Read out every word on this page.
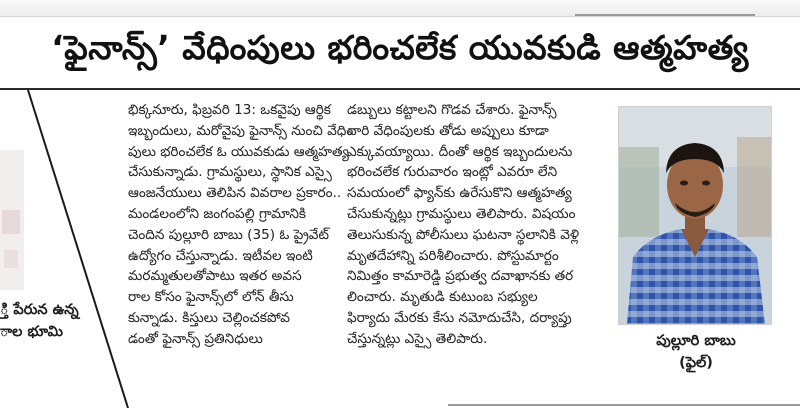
‘ఫైనాన్స్‌’ వేధింపులు భరించలేక యువకుడి ఆత్మహత్య
్తి పేరున ఉన్న
ాల భూమి
భిక్కనూరు, ఫిబ్రవరి 13: ఒకవైపు ఆర్థిక
ఇబ్బందులు, మరోవైపు ఫైనాన్స్‌ నుంచి వేధిం
పులు భరించలేక ఓ యువకుడు ఆత్మహత్య
చేసుకున్నాడు. గ్రామస్థులు, స్థానిక ఎస్సై
ఆంజనేయులు తెలిపిన వివరాల ప్రకారం..
మండలంలోని జంగంపల్లి గ్రామానికి
చెందిన పుల్లూరి బాబు (35) ఓ ప్రైవేట్‌
ఉద్యోగం చేస్తున్నాడు. ఇటీవల ఇంటి
మరమ్మతులతోపాటు ఇతర అవస
రాల కోసం ఫైనాన్స్‌లో లోన్‌ తీసు
కున్నాడు. కిస్తులు చెల్లించకపోవ
డంతో ఫైనాన్స్‌ ప్రతినిధులు
డబ్బులు కట్టాలని గొడవ చేశారు. ఫైనాన్స్‌
వారి వేధింపులకు తోడు అప్పులు కూడా
ఎక్కువయ్యాయి. దీంతో ఆర్థిక ఇబ్బందులను
భరించలేక గురువారం ఇంట్లో ఎవరూ లేని
సమయంలో ఫ్యాన్‌కు ఉరేసుకొని ఆత్మహత్య
చేసుకున్నట్లు గ్రామస్థులు తెలిపారు. విషయం
తెలుసుకున్న పోలీసులు ఘటనా స్థలానికి వెళ్లి
మృతదేహాన్ని పరిశీలించారు. పోస్టుమార్టం
నిమిత్తం కామారెడ్డి ప్రభుత్వ దవాఖానకు తర
లించారు. మృతుడి కుటుంబ సభ్యుల
ఫిర్యాదు మేరకు కేసు నమోదుచేసి, దర్యాప్తు
చేస్తున్నట్లు ఎస్సై తెలిపారు.	పుల్లూరి బాబు
(ఫైల్‌)
